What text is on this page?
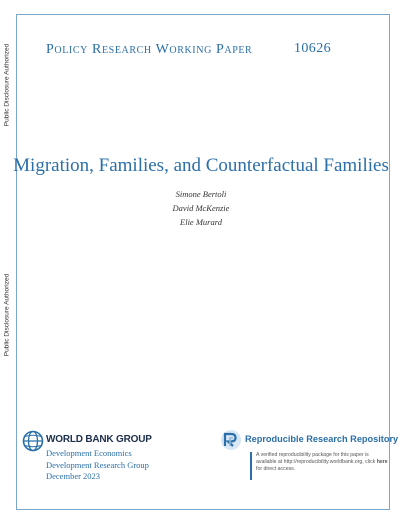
Public Disclosure Authorized
Public Disclosure Authorized
Policy Research Working Paper	10626
Migration, Families, and Counterfactual Families
Simone Bertoli
David McKenzie
Elie Murard
WORLD BANK GROUP
Development Economics
Development Research Group
December 2023
Reproducible Research Repository
A verified reproducibility package for this paper is available at http://reproducibility.worldbank.org, click here for direct access.
